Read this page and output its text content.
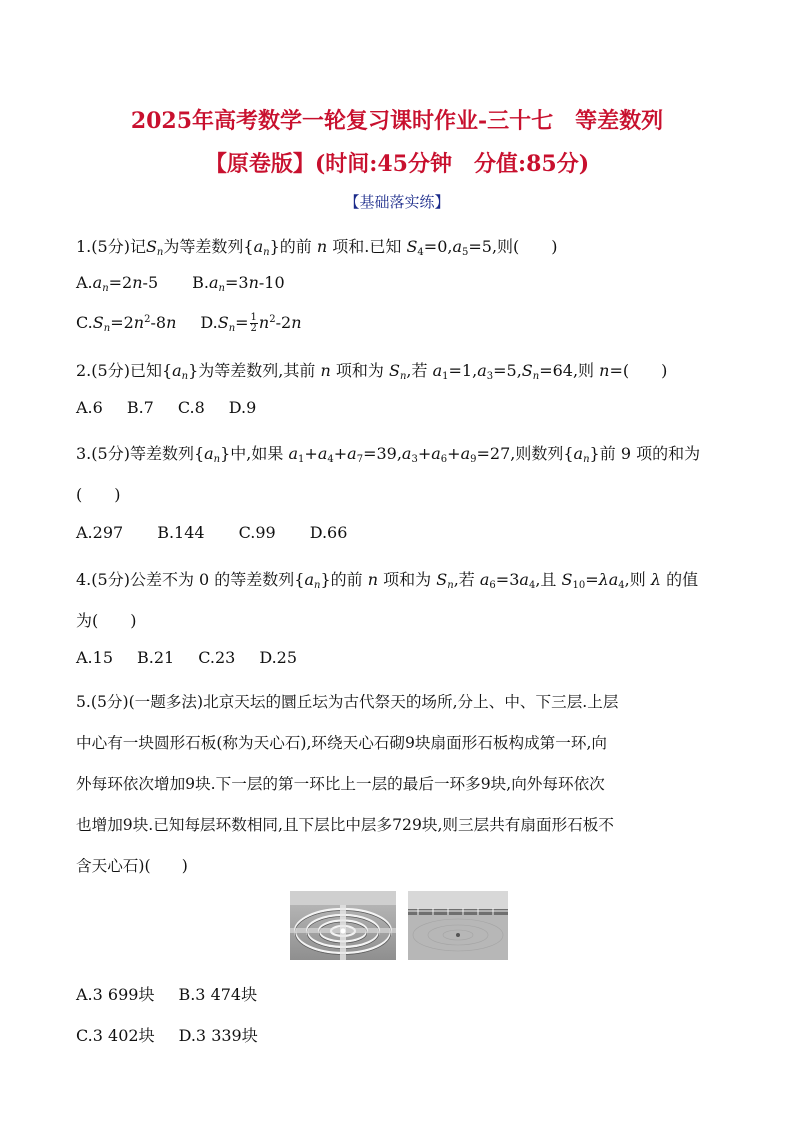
2025年高考数学一轮复习课时作业-三十七　等差数列
【原卷版】(时间:45分钟　分值:85分)
【基础落实练】
1.(5分)记$S_n$为等差数列$\{a_n\}$的前 n 项和.已知 $S_4=0,a_5=5$,则(　　)
$A.a_n=2n-5$ $B.a_n=3n-10$
$C.S_n=2n^2-8n$ $D.S_n= \frac{1}{2} n^2-2n$
2.(5分)已知$\{a_n\}$为等差数列,其前 n 项和为 $S_n$,若 $a_1=1,a_3=5,S_n=64$,则 n=(　　)
A.6 B.7 C.8 D.9
3.(5分)等差数列$\{a_n\}$中,如果 $a_1+a_4+a_7=39,a_3+a_6+a_9=27$,则数列$\{a_n\}$前 9 项的和为
(　　)
A.297 B.144 C.99 D.66
4.(5分)公差不为 0 的等差数列$\{a_n\}$的前 n 项和为 $S_n$,若 $a_6=3a_4$,且 $S_{10}=\lambda a_4$,则 λ 的值
为(　　)
A.15 B.21 C.23 D.25
5.(5分)(一题多法)北京天坛的圜丘坛为古代祭天的场所,分上、中、下三层.上层
中心有一块圆形石板(称为天心石),环绕天心石砌9块扇面形石板构成第一环,向
外每环依次增加9块.下一层的第一环比上一层的最后一环多9块,向外每环依次
也增加9块.已知每层环数相同,且下层比中层多729块,则三层共有扇面形石板不
含天心石)(　　)
A.3 699块 B.3 474块
C.3 402块 D.3 339块
